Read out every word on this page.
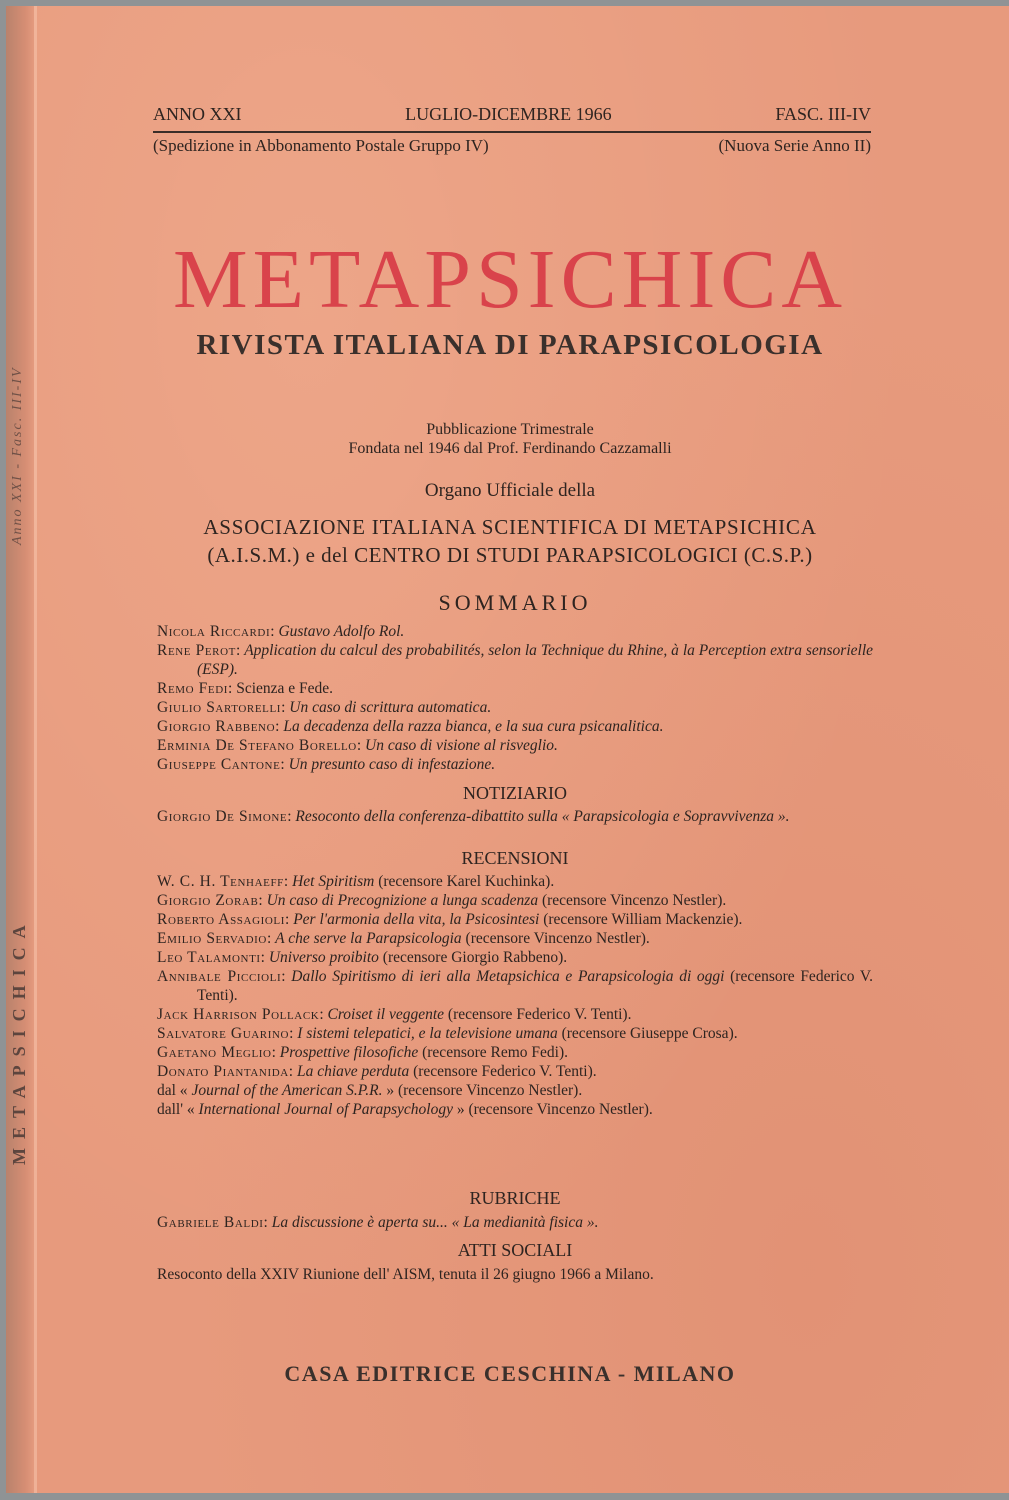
Anno XXI - Fasc. III-IV
METAPSICHICA
ANNO XXI	LUGLIO-DICEMBRE 1966	FASC. III-IV
(Spedizione in Abbonamento Postale Gruppo IV)	(Nuova Serie Anno II)
METAPSICHICA
RIVISTA ITALIANA DI PARAPSICOLOGIA
Pubblicazione Trimestrale
Fondata nel 1946 dal Prof. Ferdinando Cazzamalli
Organo Ufficiale della
ASSOCIAZIONE ITALIANA SCIENTIFICA DI METAPSICHICA
(A.I.S.M.) e del CENTRO DI STUDI PARAPSICOLOGICI (C.S.P.)
SOMMARIO
Nicola Riccardi: Gustavo Adolfo Rol.
Rene Perot: Application du calcul des probabilités, selon la Technique du Rhine, à la Perception extra sensorielle (ESP).
Remo Fedi: Scienza e Fede.
Giulio Sartorelli: Un caso di scrittura automatica.
Giorgio Rabbeno: La decadenza della razza bianca, e la sua cura psicanalitica.
Erminia De Stefano Borello: Un caso di visione al risveglio.
Giuseppe Cantone: Un presunto caso di infestazione.
NOTIZIARIO
Giorgio De Simone: Resoconto della conferenza-dibattito sulla « Parapsicologia e Sopravvivenza ».
RECENSIONI
W. C. H. Tenhaeff: Het Spiritism (recensore Karel Kuchinka).
Giorgio Zorab: Un caso di Precognizione a lunga scadenza (recensore Vincenzo Nestler).
Roberto Assagioli: Per l'armonia della vita, la Psicosintesi (recensore William Mackenzie).
Emilio Servadio: A che serve la Parapsicologia (recensore Vincenzo Nestler).
Leo Talamonti: Universo proibito (recensore Giorgio Rabbeno).
Annibale Piccioli: Dallo Spiritismo di ieri alla Metapsichica e Parapsicologia di oggi (recensore Federico V. Tenti).
Jack Harrison Pollack: Croiset il veggente (recensore Federico V. Tenti).
Salvatore Guarino: I sistemi telepatici, e la televisione umana (recensore Giuseppe Crosa).
Gaetano Meglio: Prospettive filosofiche (recensore Remo Fedi).
Donato Piantanida: La chiave perduta (recensore Federico V. Tenti).
dal « Journal of the American S.P.R. » (recensore Vincenzo Nestler).
dall' « International Journal of Parapsychology » (recensore Vincenzo Nestler).
RUBRICHE
Gabriele Baldi: La discussione è aperta su... « La medianità fisica ».
ATTI SOCIALI
Resoconto della XXIV Riunione dell' AISM, tenuta il 26 giugno 1966 a Milano.
CASA EDITRICE CESCHINA - MILANO
